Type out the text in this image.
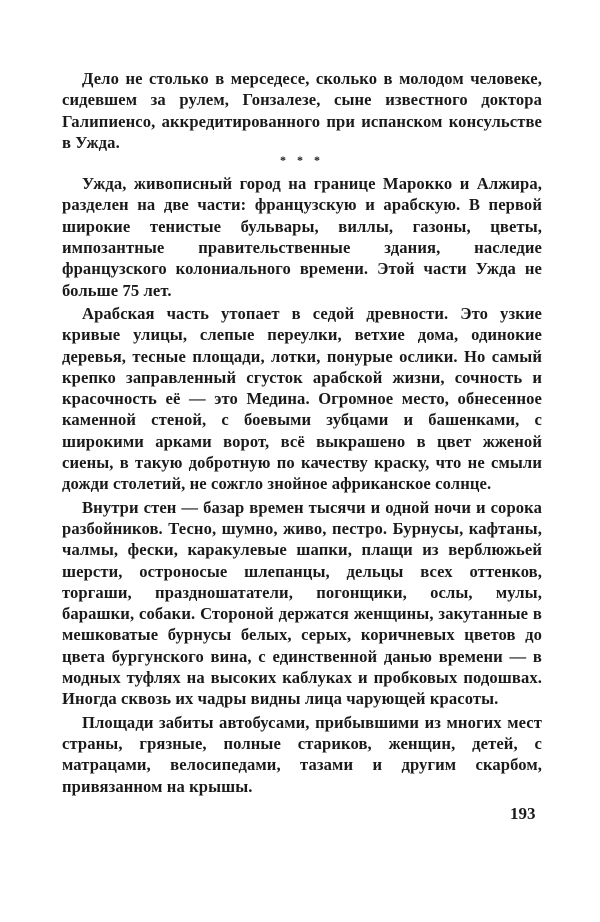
Дело не столько в мерседесе, сколько в молодом человеке, сидевшем за рулем, Гонзалезе, сыне известного доктора Галипиенсо, аккредитированного при испанском консульстве в Ужда.

* * *

Ужда, живописный город на границе Марокко и Алжира, разделен на две части: французскую и арабскую. В первой широкие тенистые бульвары, виллы, газоны, цветы, импозантные правительственные здания, наследие французского колониального времени. Этой части Ужда не больше 75 лет.

Арабская часть утопает в седой древности. Это узкие кривые улицы, слепые переулки, ветхие дома, одинокие деревья, тесные площади, лотки, понурые ослики. Но самый крепко заправленный сгусток арабской жизни, сочность и красочность её — это Медина. Огромное место, обнесенное каменной стеной, с боевыми зубцами и башенками, с широкими арками ворот, всё выкрашено в цвет жженой сиены, в такую добротную по качеству краску, что не смыли дожди столетий, не сожгло знойное африканское солнце.

Внутри стен — базар времен тысячи и одной ночи и сорока разбойников. Тесно, шумно, живо, пестро. Бурнусы, кафтаны, чалмы, фески, каракулевые шапки, плащи из верблюжьей шерсти, остроносые шлепанцы, дельцы всех оттенков, торгаши, праздношататели, погонщики, ослы, мулы, барашки, собаки. Стороной держатся женщины, закутанные в мешковатые бурнусы белых, серых, коричневых цветов до цвета бургунского вина, с единственной данью времени — в модных туфлях на высоких каблуках и пробковых подошвах. Иногда сквозь их чадры видны лица чарующей красоты.

Площади забиты автобусами, прибывшими из многих мест страны, грязные, полные стариков, женщин, детей, с матрацами, велосипедами, тазами и другим скарбом, привязанном на крышы.

193
